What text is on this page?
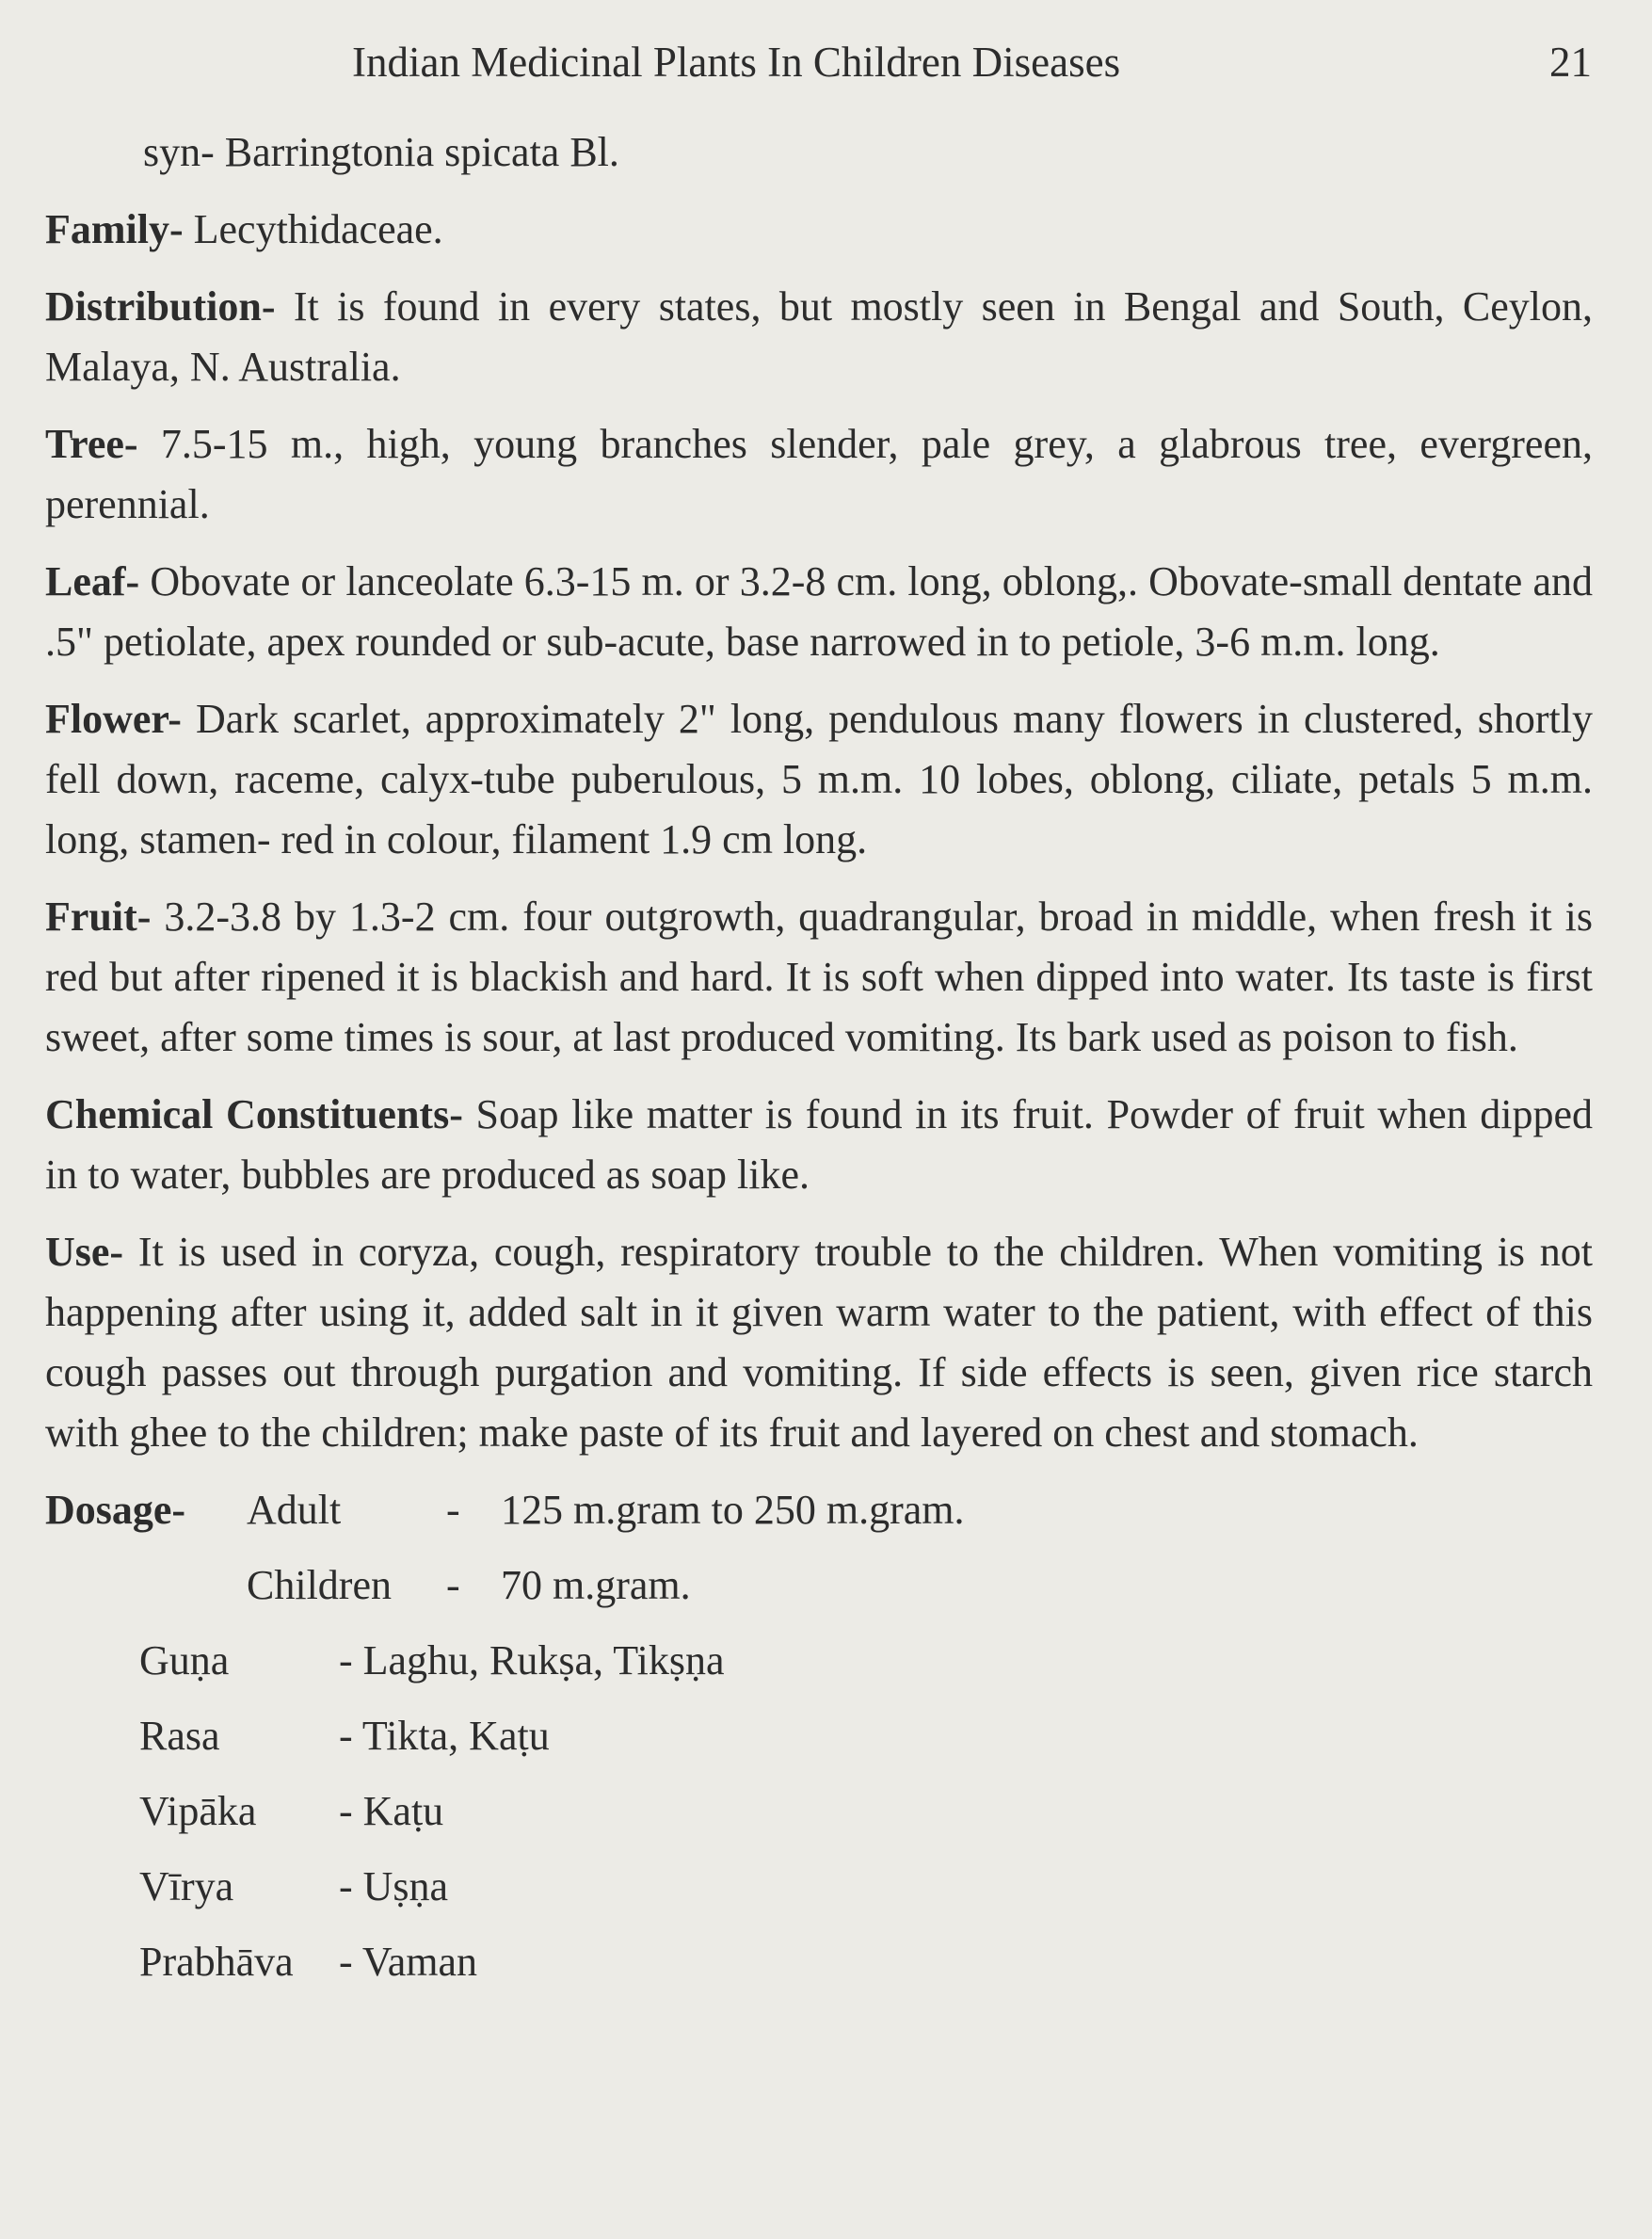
Indian Medicinal Plants In Children Diseases	21

syn- Barringtonia spicata Bl.

Family- Lecythidaceae.

Distribution- It is found in every states, but mostly seen in Bengal and South, Ceylon, Malaya, N. Australia.

Tree- 7.5-15 m., high, young branches slender, pale grey, a glabrous tree, evergreen, perennial.

Leaf- Obovate or lanceolate 6.3-15 m. or 3.2-8 cm. long, oblong,. Obovate-small dentate and .5" petiolate, apex rounded or sub-acute, base narrowed in to petiole, 3-6 m.m. long.

Flower- Dark scarlet, approximately 2" long, pendulous many flowers in clustered, shortly fell down, raceme, calyx-tube puberulous, 5 m.m. 10 lobes, oblong, ciliate, petals 5 m.m. long, stamen- red in colour, filament 1.9 cm long.

Fruit- 3.2-3.8 by 1.3-2 cm. four outgrowth, quadrangular, broad in middle, when fresh it is red but after ripened it is blackish and hard. It is soft when dipped into water. Its taste is first sweet, after some times is sour, at last produced vomiting. Its bark used as poison to fish.

Chemical Constituents- Soap like matter is found in its fruit. Powder of fruit when dipped in to water, bubbles are produced as soap like.

Use- It is used in coryza, cough, respiratory trouble to the children. When vomiting is not happening after using it, added salt in it given warm water to the patient, with effect of this cough passes out through purgation and vomiting. If side effects is seen, given rice starch with ghee to the children; make paste of its fruit and layered on chest and stomach.

Dosage- Adult	- 125 m.gram to 250 m.gram.
Children - 70 m.gram.
Guṇa	- Laghu, Rukṣa, Tikṣṇa
Rasa	- Tikta, Kaṭu
Vipāka - Kaṭu
Vīrya	- Uṣṇa
Prabhāva - Vaman
